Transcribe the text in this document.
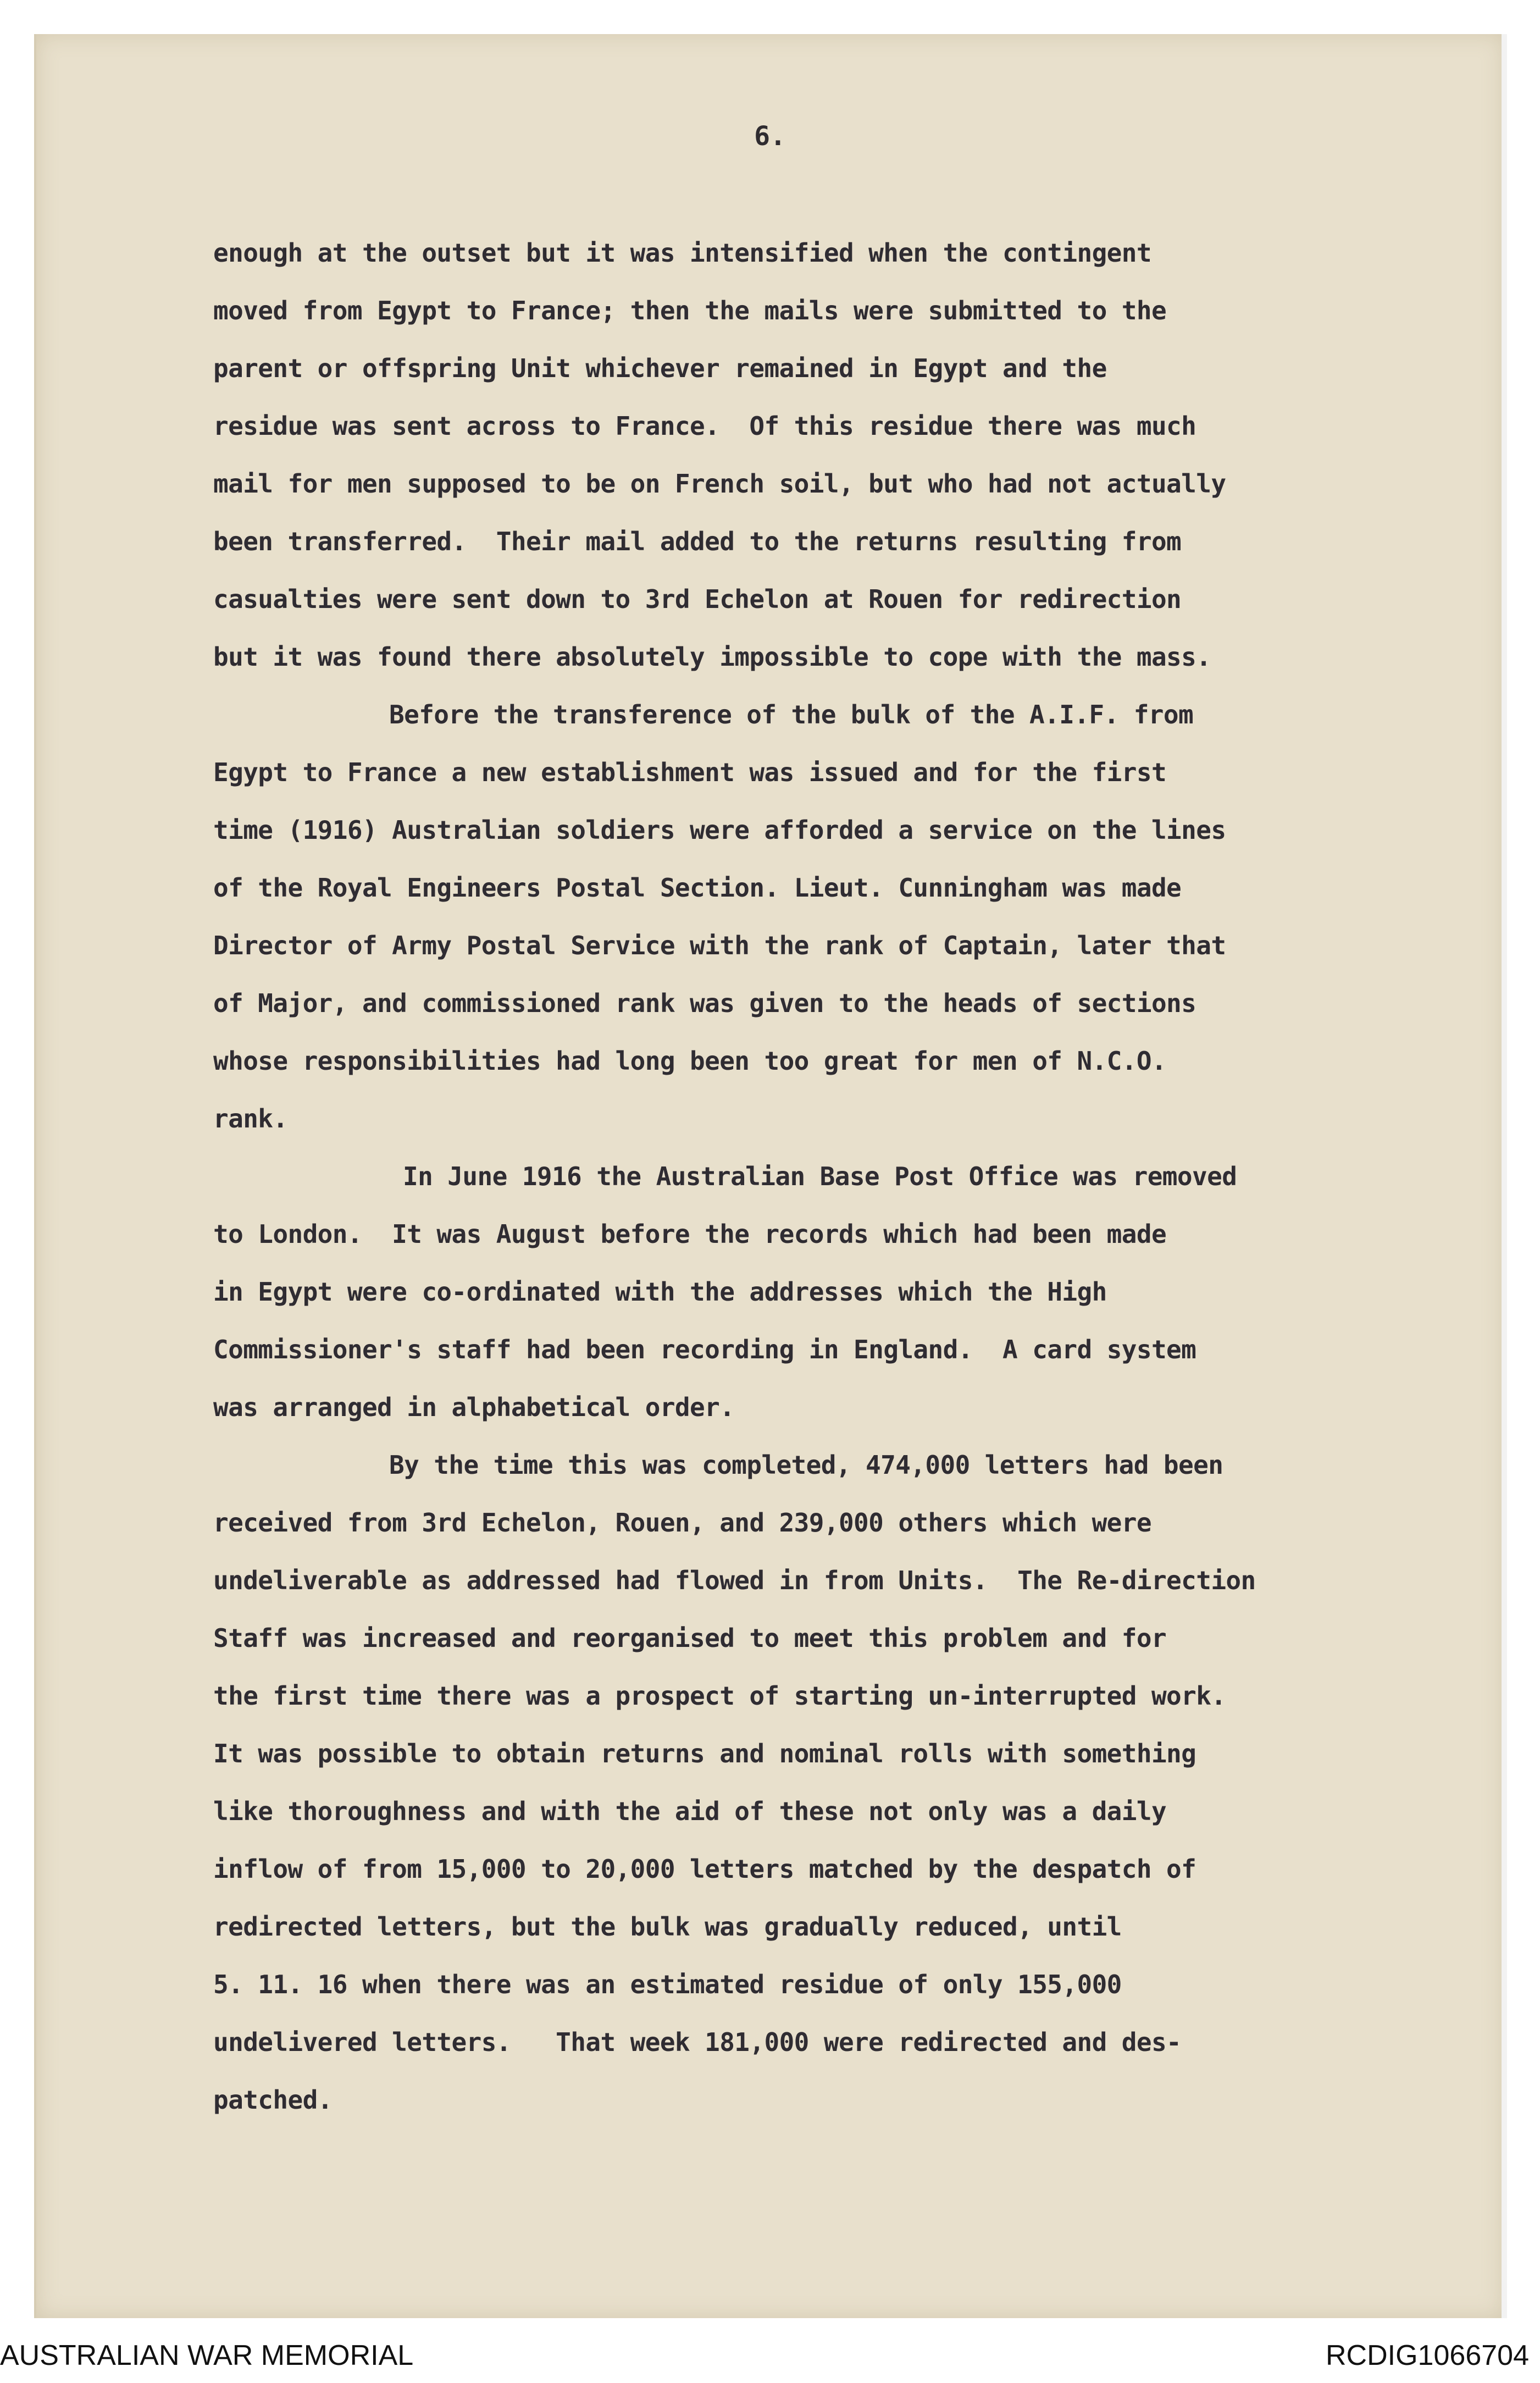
6.
enough at the outset but it was intensified when the contingent
moved from Egypt to France; then the mails were submitted to the
parent or offspring Unit whichever remained in Egypt and the
residue was sent across to France.  Of this residue there was much
mail for men supposed to be on French soil, but who had not actually
been transferred.  Their mail added to the returns resulting from
casualties were sent down to 3rd Echelon at Rouen for redirection
but it was found there absolutely impossible to cope with the mass.
Before the transference of the bulk of the A.I.F. from
Egypt to France a new establishment was issued and for the first
time (1916) Australian soldiers were afforded a service on the lines
of the Royal Engineers Postal Section. Lieut. Cunningham was made
Director of Army Postal Service with the rank of Captain, later that
of Major, and commissioned rank was given to the heads of sections
whose responsibilities had long been too great for men of N.C.O.
rank.
In June 1916 the Australian Base Post Office was removed
to London.  It was August before the records which had been made
in Egypt were co-ordinated with the addresses which the High
Commissioner's staff had been recording in England.  A card system
was arranged in alphabetical order.
By the time this was completed, 474,000 letters had been
received from 3rd Echelon, Rouen, and 239,000 others which were
undeliverable as addressed had flowed in from Units.  The Re-direction
Staff was increased and reorganised to meet this problem and for
the first time there was a prospect of starting un-interrupted work.
It was possible to obtain returns and nominal rolls with something
like thoroughness and with the aid of these not only was a daily
inflow of from 15,000 to 20,000 letters matched by the despatch of
redirected letters, but the bulk was gradually reduced, until
5. 11. 16 when there was an estimated residue of only 155,000
undelivered letters.   That week 181,000 were redirected and des-
patched.
AUSTRALIAN WAR MEMORIAL	RCDIG1066704
